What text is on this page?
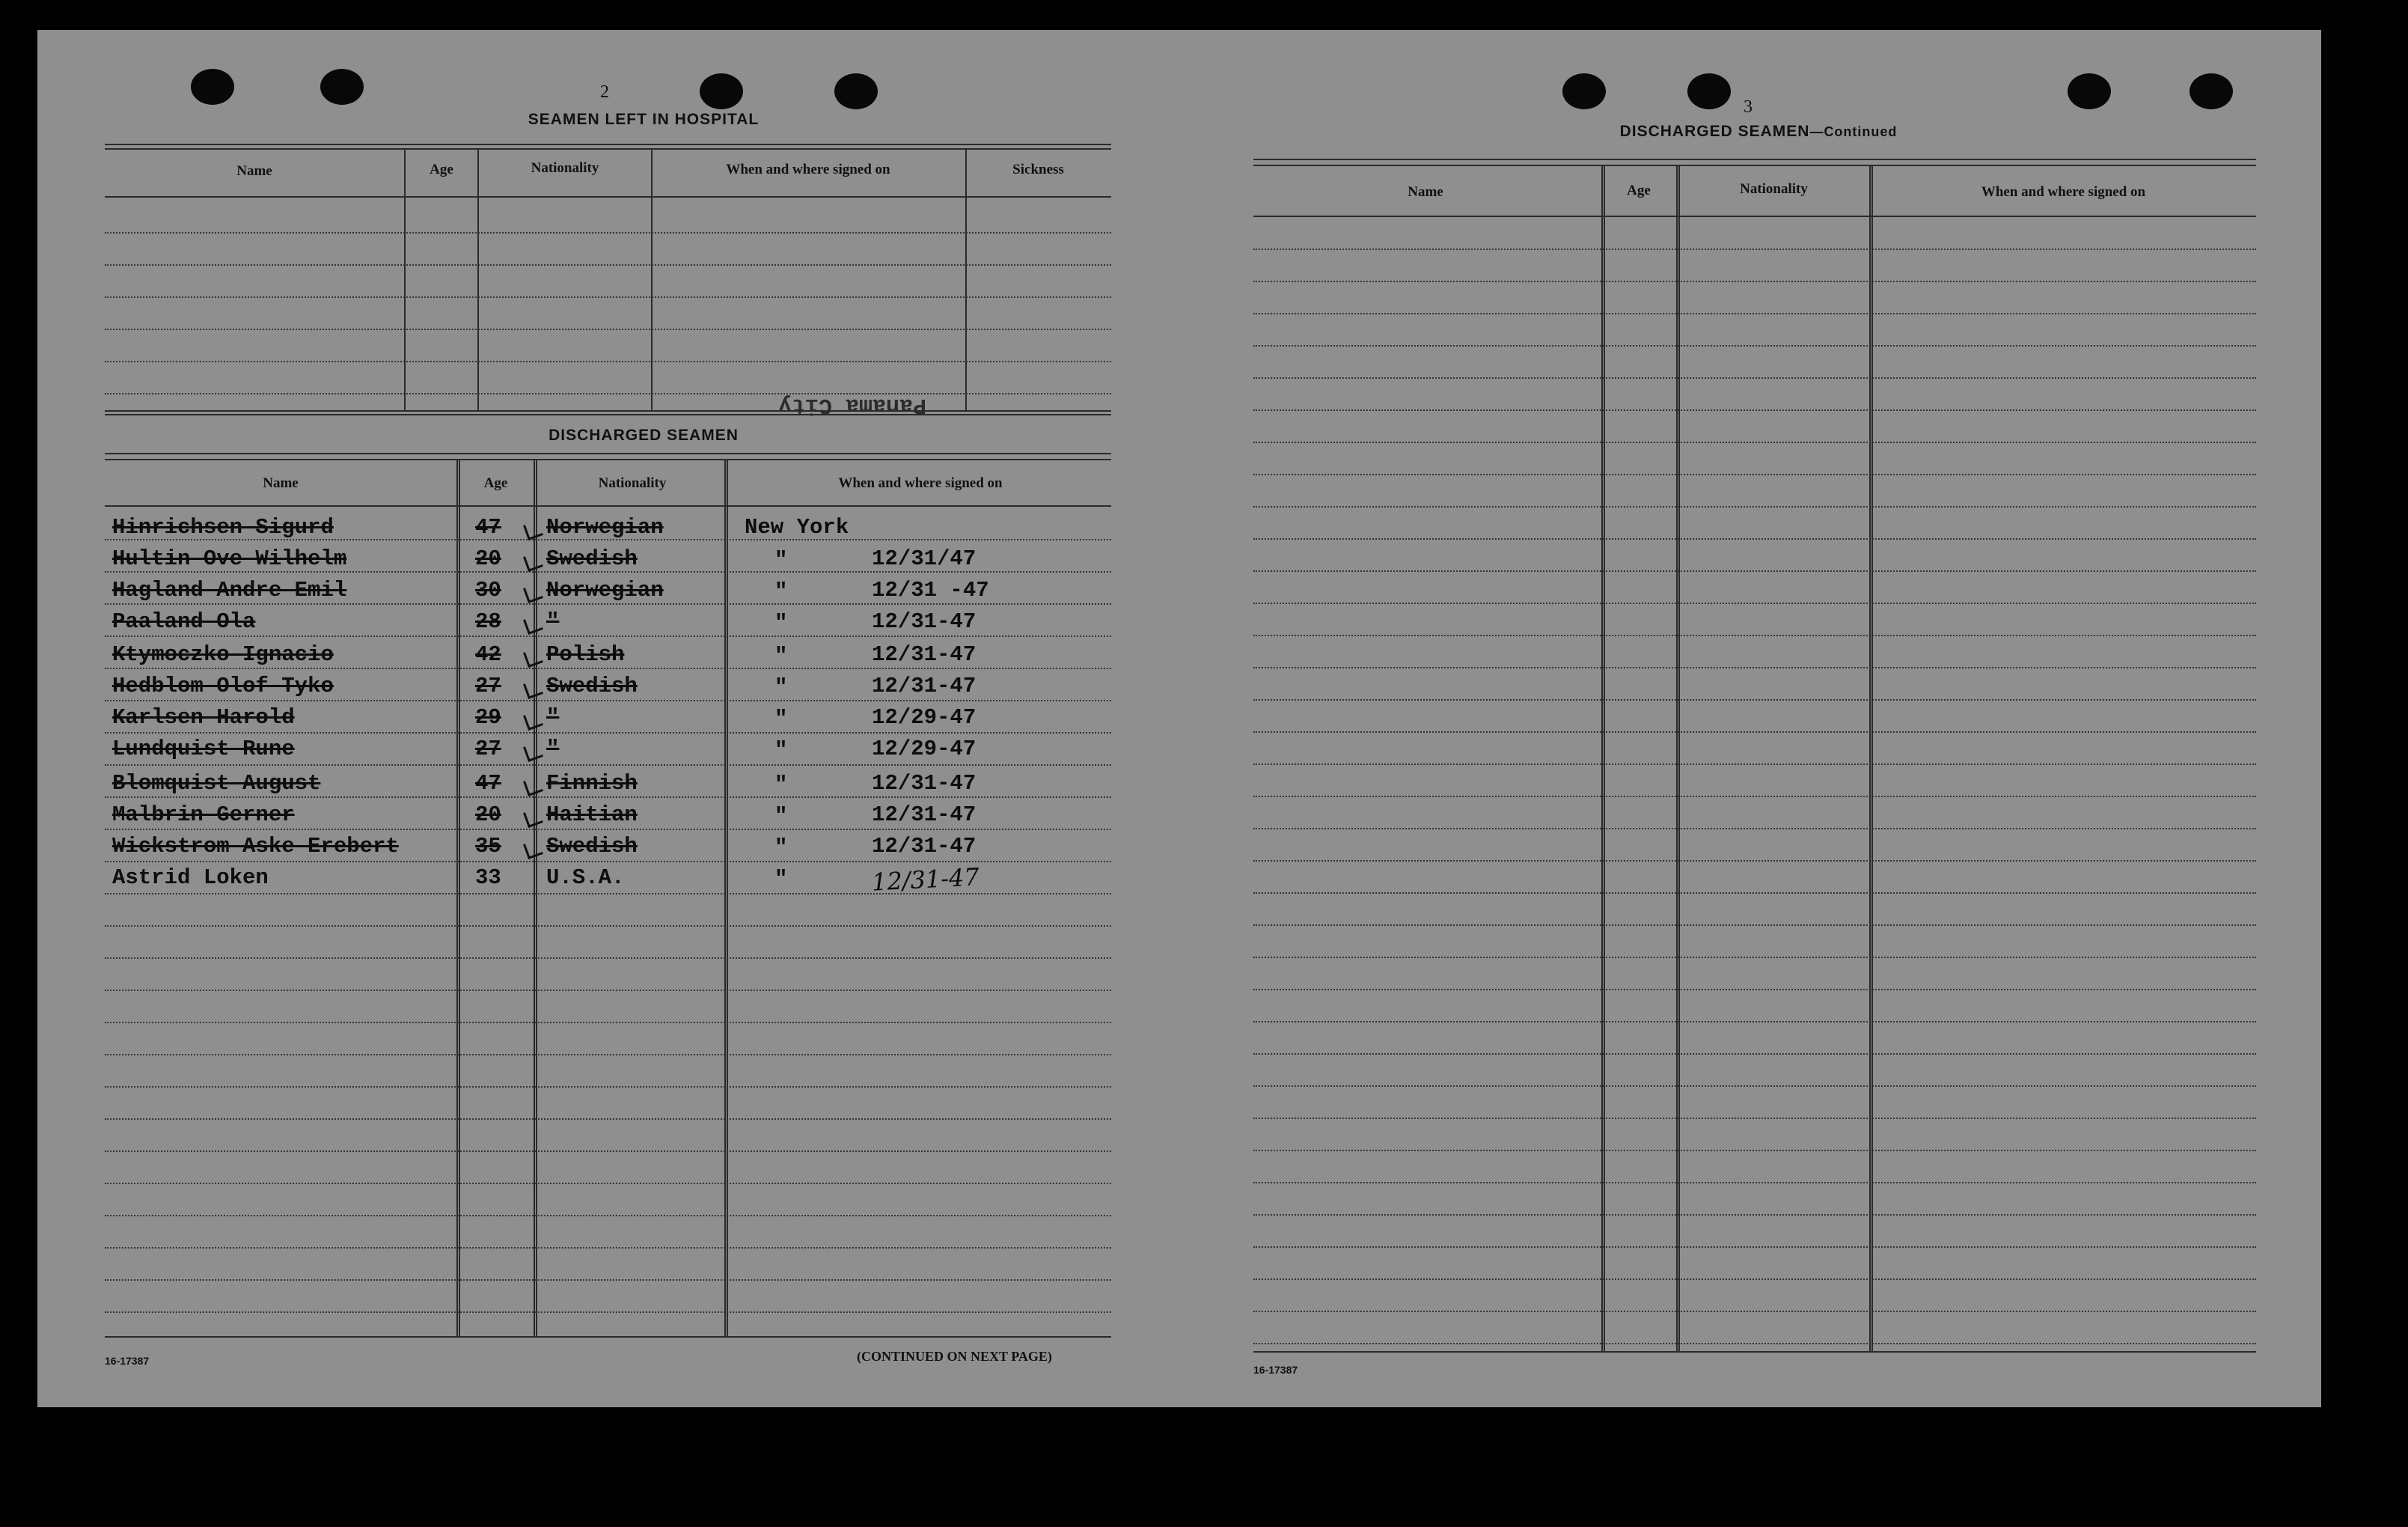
2
SEAMEN LEFT IN HOSPITAL
Name	Age	Nationality	When and where signed on	Sickness
Panama City
DISCHARGED SEAMEN
Name	Age	Nationality	When and where signed on
Hinrichsen Sigurd	47 Norwegian	New York
Hultin Ove Wilhelm	20 Swedish	"	12/31/47
Hagland Andre Emil	30 Norwegian	"	12/31 -47
Paaland Ola	28 "	"	12/31-47
Ktymoczko Ignacio	42 Polish	"	12/31-47
Hedblom Olof Tyko	27 Swedish	"	12/31-47
Karlsen Harold	29 "	"	12/29-47
Lundquist Rune	27 "	"	12/29-47
Blomquist August	47 Finnish	"	12/31-47
Malbrin Gerner	20 Haitian	"	12/31-47
Wickstrom Aske Erebert	35 Swedish	"	12/31-47
Astrid Loken	33 U.S.A.	"	12/31-47
16-17387	(CONTINUED ON NEXT PAGE)
3
DISCHARGED SEAMEN—Continued
Name	Age	Nationality	When and where signed on
16-17387
